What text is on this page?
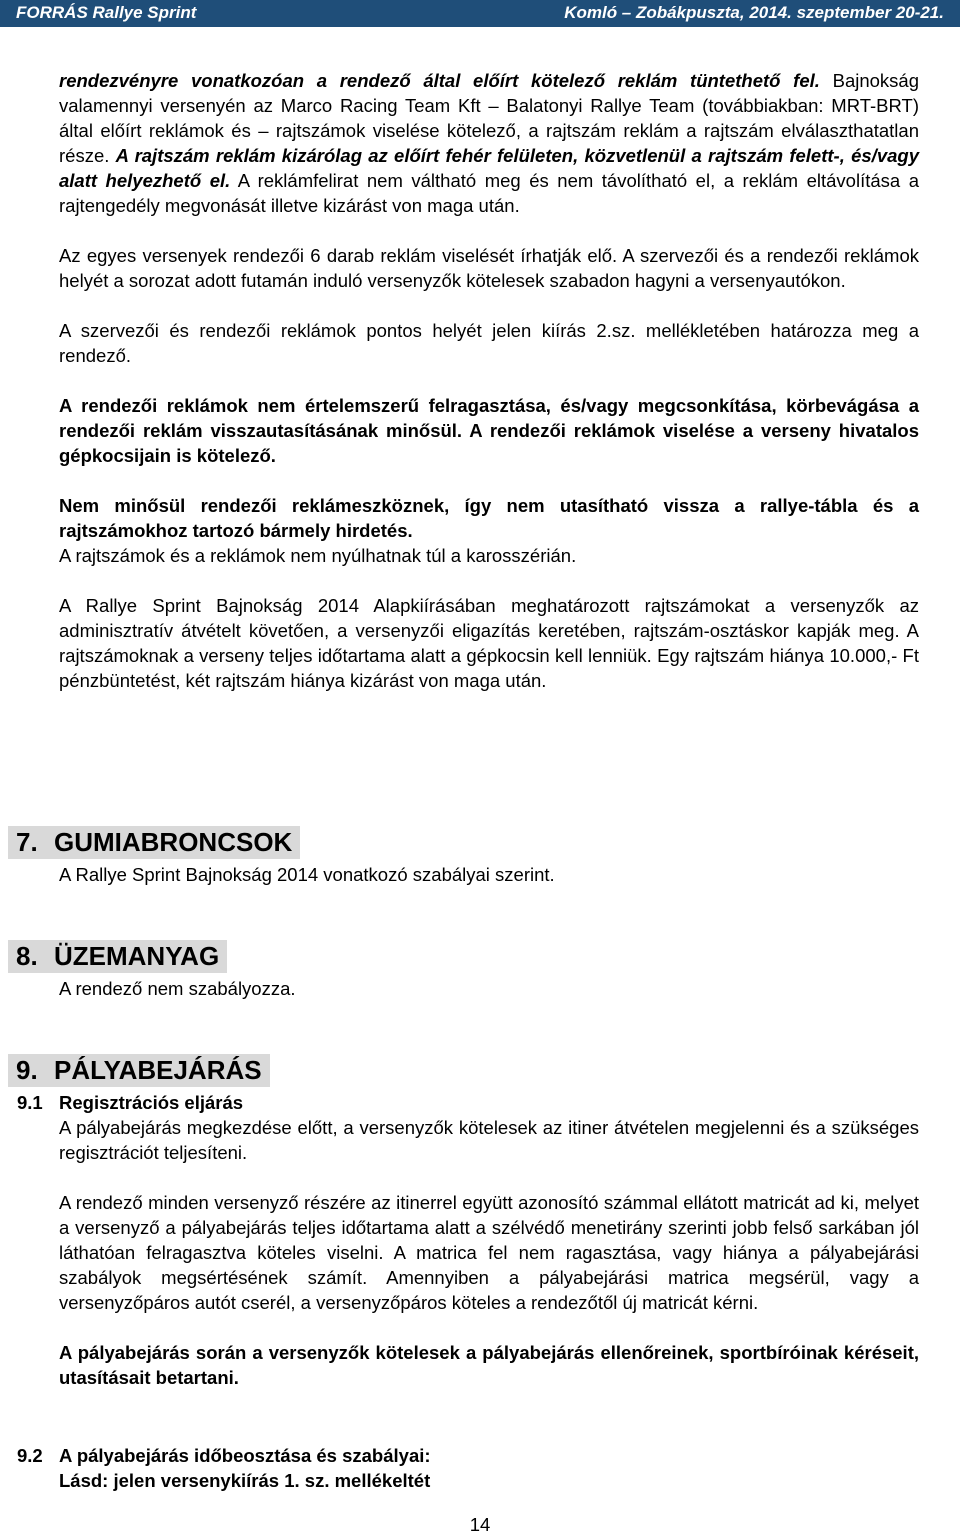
FORRÁS Rallye Sprint	Komló – Zobákpuszta, 2014. szeptember 20-21.

rendezvényre vonatkozóan a rendező által előírt kötelező reklám tüntethető fel. Bajnokság valamennyi versenyén az Marco Racing Team Kft – Balatonyi Rallye Team (továbbiakban: MRT-BRT) által előírt reklámok és – rajtszámok viselése kötelező, a rajtszám reklám a rajtszám elválaszthatatlan része. A rajtszám reklám kizárólag az előírt fehér felületen, közvetlenül a rajtszám felett-, és/vagy alatt helyezhető el. A reklámfelirat nem váltható meg és nem távolítható el, a reklám eltávolítása a rajtengedély megvonását illetve kizárást von maga után.

Az egyes versenyek rendezői 6 darab reklám viselését írhatják elő. A szervezői és a rendezői reklámok helyét a sorozat adott futamán induló versenyzők kötelesek szabadon hagyni a versenyautókon.

A szervezői és rendezői reklámok pontos helyét jelen kiírás 2.sz. mellékletében határozza meg a rendező.

A rendezői reklámok nem értelemszerű felragasztása, és/vagy megcsonkítása, körbevágása a rendezői reklám visszautasításának minősül. A rendezői reklámok viselése a verseny hivatalos gépkocsijain is kötelező.

Nem minősül rendezői reklámeszköznek, így nem utasítható vissza a rallye-tábla és a rajtszámokhoz tartozó bármely hirdetés.

A rajtszámok és a reklámok nem nyúlhatnak túl a karosszérián.

A Rallye Sprint Bajnokság 2014 Alapkiírásában meghatározott rajtszámokat a versenyzők az adminisztratív átvételt követően, a versenyzői eligazítás keretében, rajtszám-osztáskor kapják meg. A rajtszámoknak a verseny teljes időtartama alatt a gépkocsin kell lenniük. Egy rajtszám hiánya 10.000,- Ft pénzbüntetést, két rajtszám hiánya kizárást von maga után.

7. GUMIABRONCSOK
A Rallye Sprint Bajnokság 2014 vonatkozó szabályai szerint.
8. ÜZEMANYAG
A rendező nem szabályozza.
9. PÁLYABEJÁRÁS
9.1 Regisztrációs eljárás

A pályabejárás megkezdése előtt, a versenyzők kötelesek az itiner átvételen megjelenni és a szükséges regisztrációt teljesíteni.

A rendező minden versenyző részére az itinerrel együtt azonosító számmal ellátott matricát ad ki, melyet a versenyző a pályabejárás teljes időtartama alatt a szélvédő menetirány szerinti jobb felső sarkában jól láthatóan felragasztva köteles viselni. A matrica fel nem ragasztása, vagy hiánya a pályabejárási szabályok megsértésének számít. Amennyiben a pályabejárási matrica megsérül, vagy a versenyzőpáros autót cserél, a versenyzőpáros köteles a rendezőtől új matricát kérni.

A pályabejárás során a versenyzők kötelesek a pályabejárás ellenőreinek, sportbíróinak kéréseit, utasításait betartani.

9.2 A pályabejárás időbeosztása és szabályai:
Lásd: jelen versenykiírás 1. sz. mellékeltét
14
